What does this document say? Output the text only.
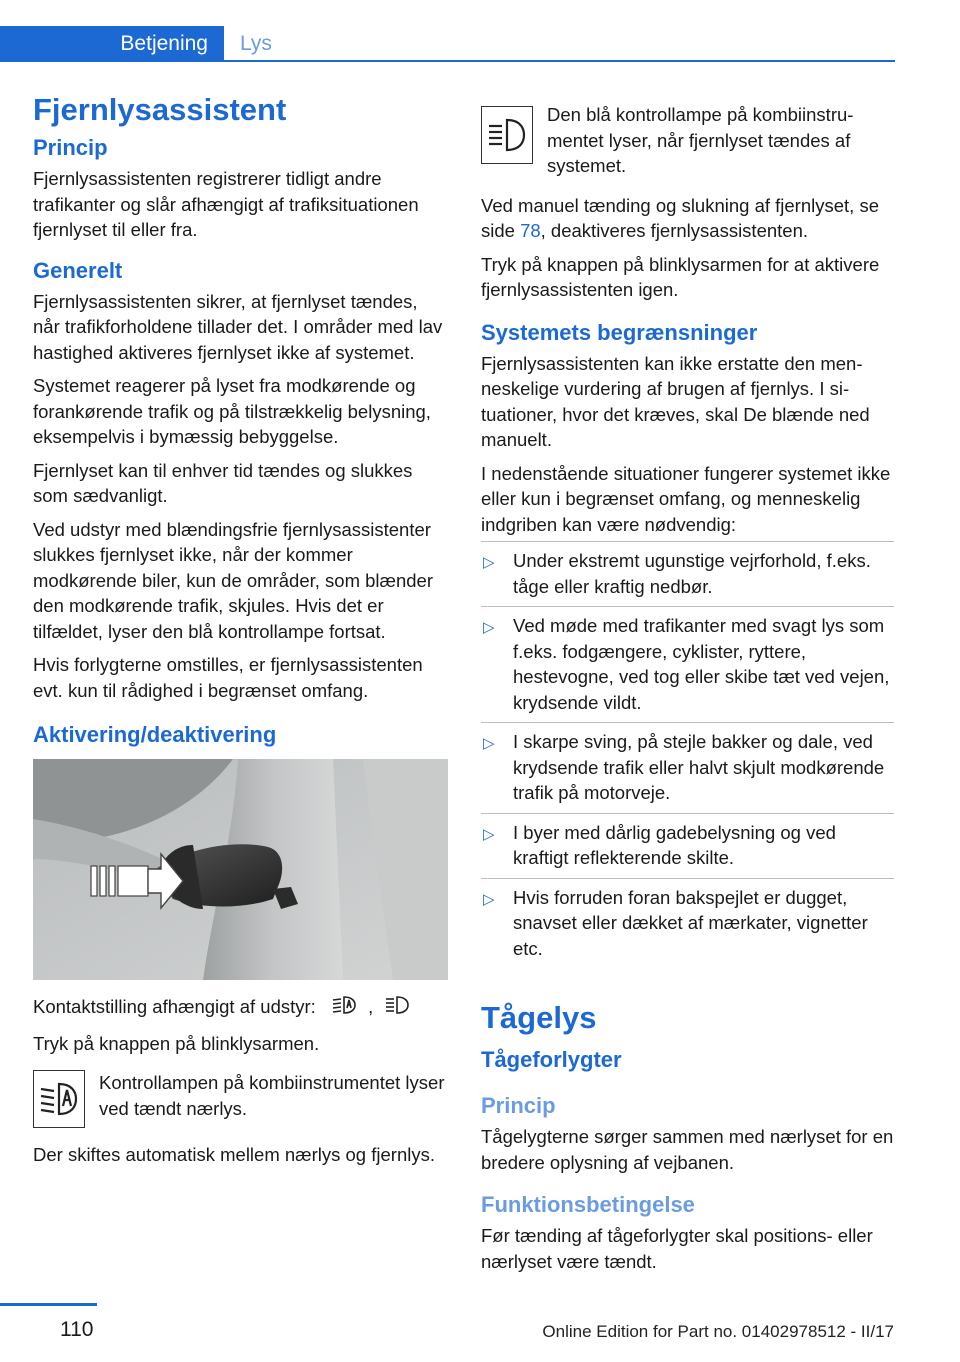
Betjening	Lys
Fjernlysassistent
Princip

Fjernlysassistenten registrerer tidligt andre trafikanter og slår afhængigt af trafiksituationen fjernlyset til eller fra.

Generelt

Fjernlysassistenten sikrer, at fjernlyset tændes, når trafikforholdene tillader det. I områder med lav hastighed aktiveres fjernlyset ikke af systemet.

Systemet reagerer på lyset fra modkørende og forankørende trafik og på tilstrækkelig belysning, eksempelvis i bymæssig bebyggelse.

Fjernlyset kan til enhver tid tændes og slukkes som sædvanligt.

Ved udstyr med blændingsfrie fjernlysassistenter slukkes fjernlyset ikke, når der kommer modkørende biler, kun de områder, som blænder den modkørende trafik, skjules. Hvis det er tilfældet, lyser den blå kontrollampe fortsat.

Hvis forlygterne omstilles, er fjernlysassistenten evt. kun til rådighed i begrænset omfang.

Aktivering/deaktivering

Kontaktstilling afhængigt af udstyr:	,

Tryk på knappen på blinklysarmen.

Kontrollampen på kombiinstrumentet lyser ved tændt nærlys.

Der skiftes automatisk mellem nærlys og fjernlys.

Den blå kontrollampe på kombiinstrumentet lyser, når fjernlyset tændes af systemet.

Ved manuel tænding og slukning af fjernlyset, se side 78, deaktiveres fjernlysassistenten.

Tryk på knappen på blinklysarmen for at aktivere fjernlysassistenten igen.

Systemets begrænsninger

Fjernlysassistenten kan ikke erstatte den menneskelige vurdering af brugen af fjernlys. I situationer, hvor det kræves, skal De blænde ned manuelt.

I nedenstående situationer fungerer systemet ikke eller kun i begrænset omfang, og menneskelig indgriben kan være nødvendig:

▷ Under ekstremt ugunstige vejrforhold, f.eks. tåge eller kraftig nedbør.
▷ Ved møde med trafikanter med svagt lys som f.eks. fodgængere, cyklister, ryttere, hestevogne, ved tog eller skibe tæt ved vejen, krydsende vildt.
▷ I skarpe sving, på stejle bakker og dale, ved krydsende trafik eller halvt skjult modkørende trafik på motorveje.
▷ I byer med dårlig gadebelysning og ved kraftigt reflekterende skilte.
▷ Hvis forruden foran bakspejlet er dugget, snavset eller dækket af mærkater, vignetter etc.
Tågelys
Tågeforlygter
Princip

Tågelygterne sørger sammen med nærlyset for en bredere oplysning af vejbanen.

Funktionsbetingelse

Før tænding af tågeforlygter skal positions- eller nærlyset være tændt.

110	Online Edition for Part no. 01402978512 - II/17
